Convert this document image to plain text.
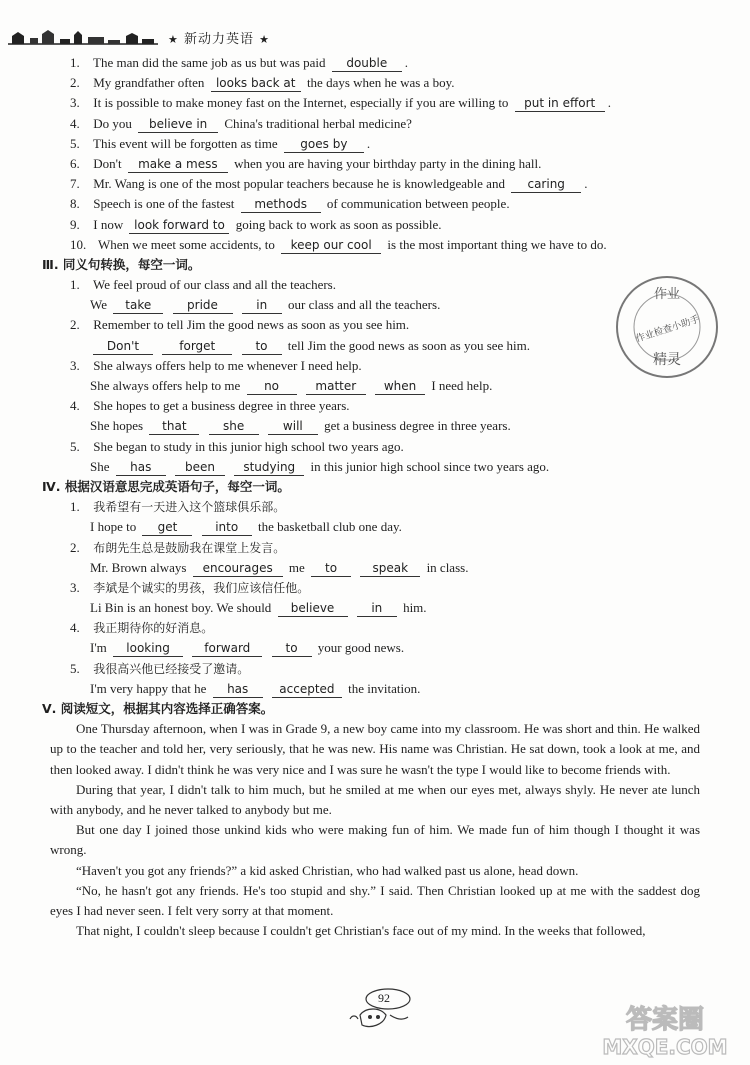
★ 新动力英语 ★
1. The man did the same job as us but was paid double .
2. My grandfather often looks back at the days when he was a boy.
3. It is possible to make money fast on the Internet, especially if you are willing to put in effort .
4. Do you believe in China's traditional herbal medicine?
5. This event will be forgotten as time goes by .
6. Don't make a mess when you are having your birthday party in the dining hall.
7. Mr. Wang is one of the most popular teachers because he is knowledgeable and caring .
8. Speech is one of the fastest methods of communication between people.
9. I now look forward to going back to work as soon as possible.
10. When we meet some accidents, to keep our cool is the most important thing we have to do.
Ⅲ. 同义句转换，每空一词。
1. We feel proud of our class and all the teachers.
We take	pride	in our class and all the teachers.
2. Remember to tell Jim the good news as soon as you see him.
Don't	forget	to tell Jim the good news as soon as you see him.
3. She always offers help to me whenever I need help.
She always offers help to me no	matter when I need help.
4. She hopes to get a business degree in three years.
She hopes that	she	will get a business degree in three years.
5. She began to study in this junior high school two years ago.
She has	been studying in this junior high school since two years ago.
Ⅳ. 根据汉语意思完成英语句子，每空一词。
1. 我希望有一天进入这个篮球俱乐部。
I hope to get	into the basketball club one day.
2. 布朗先生总是鼓励我在课堂上发言。
Mr. Brown always encourages me to	speak in class.
3. 李斌是个诚实的男孩，我们应该信任他。
Li Bin is an honest boy. We should believe	in him.
4. 我正期待你的好消息。
I'm looking	forward	to your good news.
5. 我很高兴他已经接受了邀请。
I'm very happy that he has	accepted the invitation.
Ⅴ. 阅读短文，根据其内容选择正确答案。

One Thursday afternoon, when I was in Grade 9, a new boy came into my classroom. He was short and thin. He walked up to the teacher and told her, very seriously, that he was new. His name was Christian. He sat down, took a look at me, and then looked away. I didn't think he was very nice and I was sure he wasn't the type I would like to become friends with.

During that year, I didn't talk to him much, but he smiled at me when our eyes met, always shyly. He never ate lunch with anybody, and he never talked to anybody but me.

But one day I joined those unkind kids who were making fun of him. We made fun of him though I thought it was wrong.

“Haven't you got any friends?” a kid asked Christian, who had walked past us alone, head down.

“No, he hasn't got any friends. He's too stupid and shy.” I said. Then Christian looked up at me with the saddest dog eyes I had never seen. I felt very sorry at that moment.

That night, I couldn't sleep because I couldn't get Christian's face out of my mind. In the weeks that followed,

作业
作业检查小助手
精灵
92
答案圈
MXQE.COM
